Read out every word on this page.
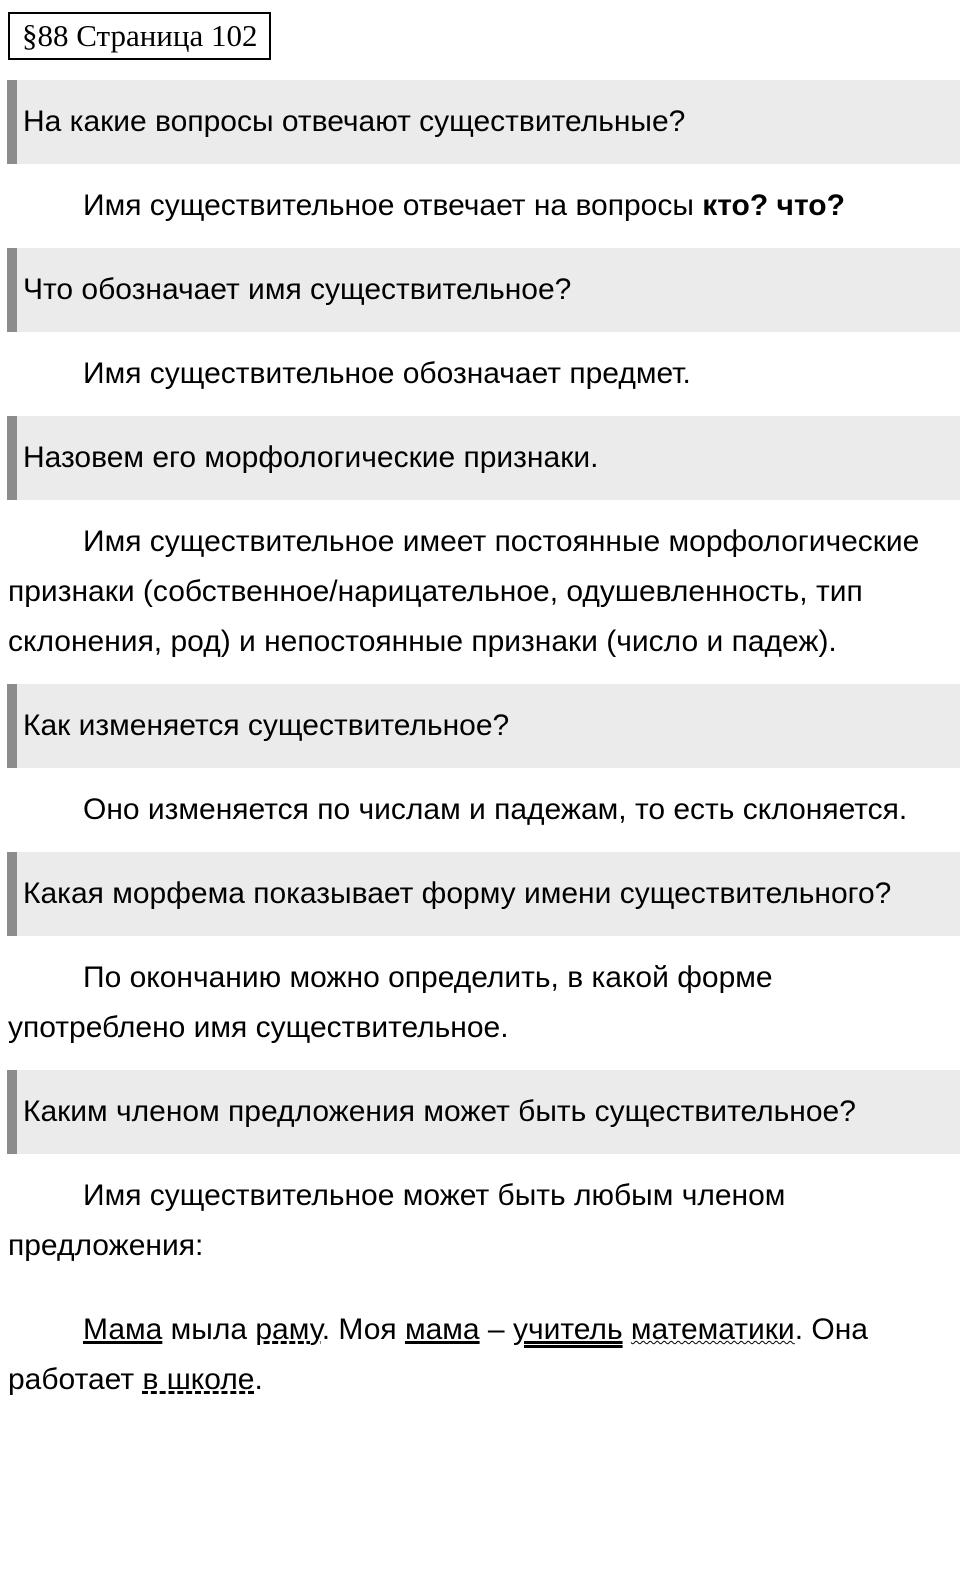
§88 Страница 102
На какие вопросы отвечают существительные?
Имя существительное отвечает на вопросы кто? что?
Что обозначает имя существительное?
Имя существительное обозначает предмет.
Назовем его морфологические признаки.
Имя существительное имеет постоянные морфологические признаки (собственное/нарицательное, одушевленность, тип склонения, род) и непостоянные признаки (число и падеж).
Как изменяется существительное?
Оно изменяется по числам и падежам, то есть склоняется.
Какая морфема показывает форму имени существительного?
По окончанию можно определить, в какой форме употреблено имя существительное.
Каким членом предложения может быть существительное?
Имя существительное может быть любым членом предложения:
Мама мыла раму. Моя мама – учитель математики. Она работает в школе.
